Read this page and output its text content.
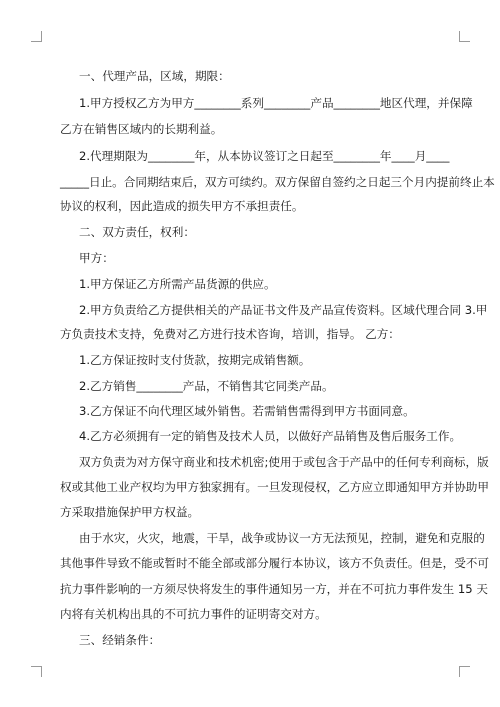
一、代理产品，区域，期限：
1.甲方授权乙方为甲方________系列________产品________地区代理，并保障
乙方在销售区域内的长期利益。
2.代理期限为________年，从本协议签订之日起至________年____月____
_____日止。合同期结束后，双方可续约。双方保留自签约之日起三个月内提前终止本
协议的权利，因此造成的损失甲方不承担责任。
二、双方责任，权利：
甲方：
1.甲方保证乙方所需产品货源的供应。
2.甲方负责给乙方提供相关的产品证书文件及产品宣传资料。区域代理合同 3.甲
方负责技术支持，免费对乙方进行技术咨询，培训，指导。 乙方：
1.乙方保证按时支付货款，按期完成销售额。
2.乙方销售________产品，不销售其它同类产品。
3.乙方保证不向代理区域外销售。若需销售需得到甲方书面同意。
4.乙方必须拥有一定的销售及技术人员，以做好产品销售及售后服务工作。
双方负责为对方保守商业和技术机密;使用于或包含于产品中的任何专利商标，版
权或其他工业产权均为甲方独家拥有。一旦发现侵权，乙方应立即通知甲方并协助甲
方采取措施保护甲方权益。
由于水灾，火灾，地震，干旱，战争或协议一方无法预见，控制，避免和克服的
其他事件导致不能或暂时不能全部或部分履行本协议，该方不负责任。但是，受不可
抗力事件影响的一方须尽快将发生的事件通知另一方，并在不可抗力事件发生 15 天
内将有关机构出具的不可抗力事件的证明寄交对方。
三、经销条件：
